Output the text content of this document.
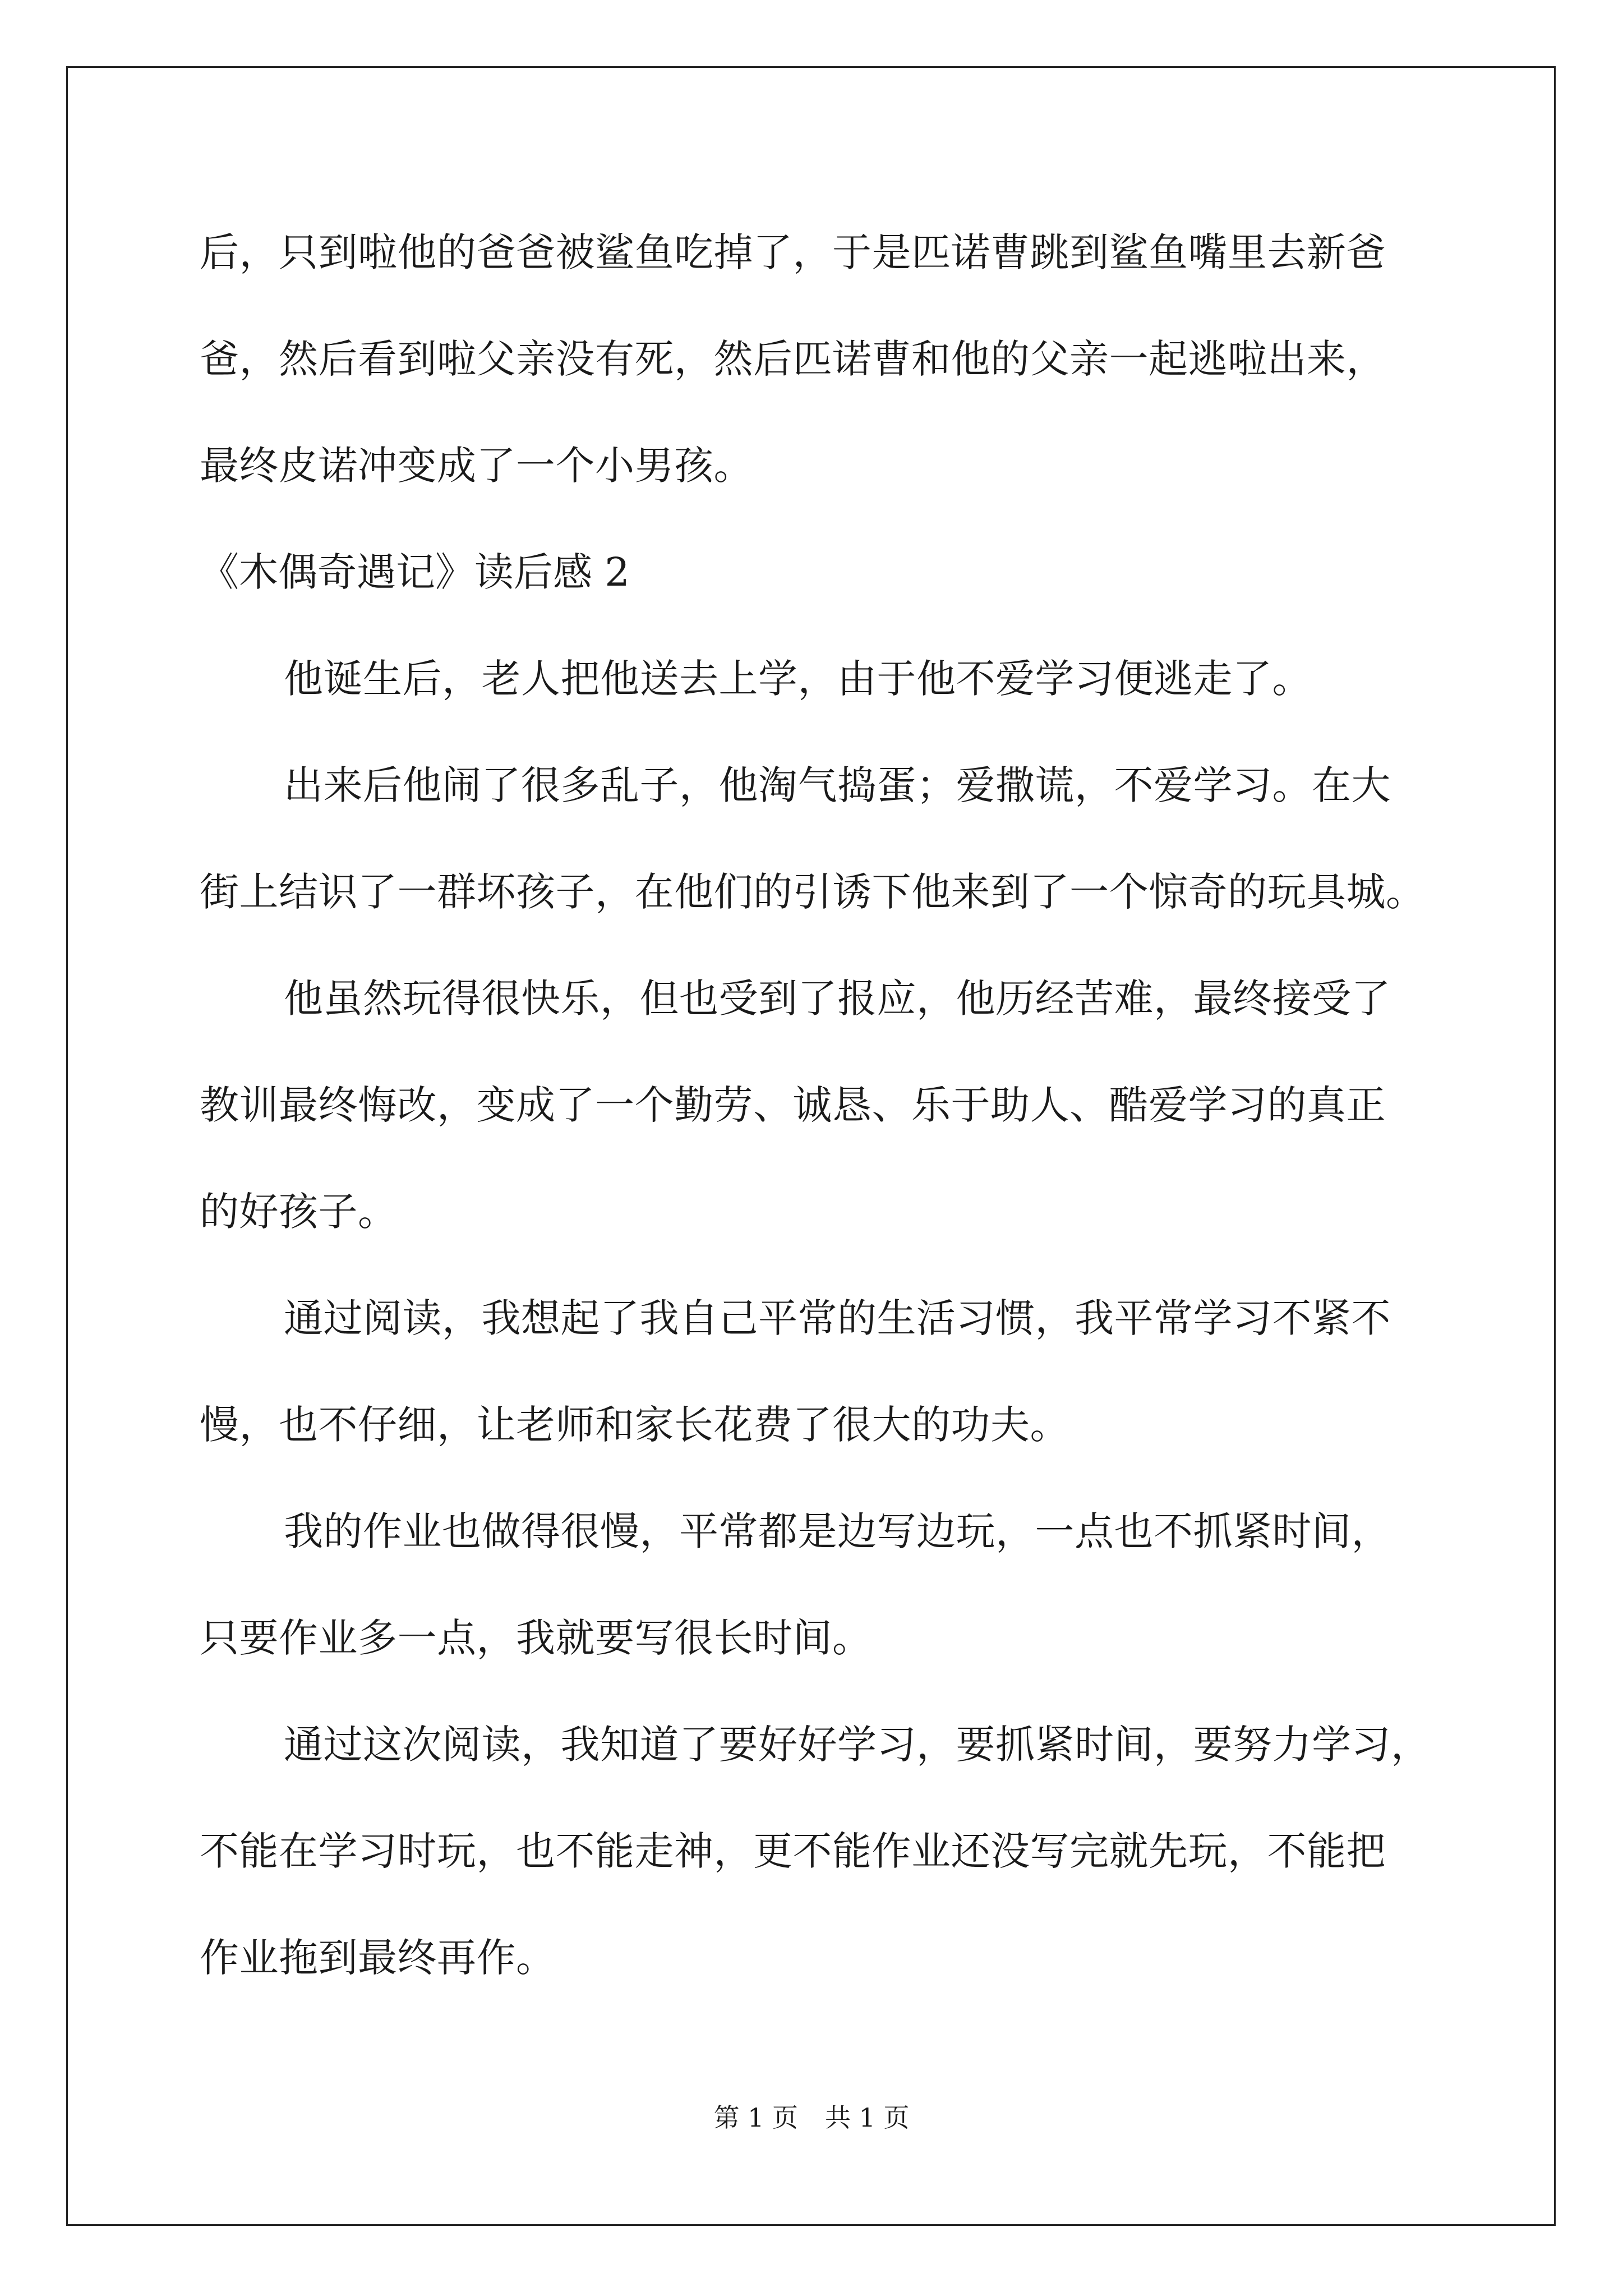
后，只到啦他的爸爸被鲨鱼吃掉了，于是匹诺曹跳到鲨鱼嘴里去新爸
爸，然后看到啦父亲没有死，然后匹诺曹和他的父亲一起逃啦出来，
最终皮诺冲变成了一个小男孩。
《木偶奇遇记》读后感 2
他诞生后，老人把他送去上学，由于他不爱学习便逃走了。
出来后他闹了很多乱子，他淘气捣蛋；爱撒谎，不爱学习。在大
街上结识了一群坏孩子，在他们的引诱下他来到了一个惊奇的玩具城。
他虽然玩得很快乐，但也受到了报应，他历经苦难，最终接受了
教训最终悔改，变成了一个勤劳、诚恳、乐于助人、酷爱学习的真正
的好孩子。
通过阅读，我想起了我自己平常的生活习惯，我平常学习不紧不
慢，也不仔细，让老师和家长花费了很大的功夫。
我的作业也做得很慢，平常都是边写边玩，一点也不抓紧时间，
只要作业多一点，我就要写很长时间。
通过这次阅读，我知道了要好好学习，要抓紧时间，要努力学习，
不能在学习时玩，也不能走神，更不能作业还没写完就先玩，不能把
作业拖到最终再作。
第 1 页 共 1 页
